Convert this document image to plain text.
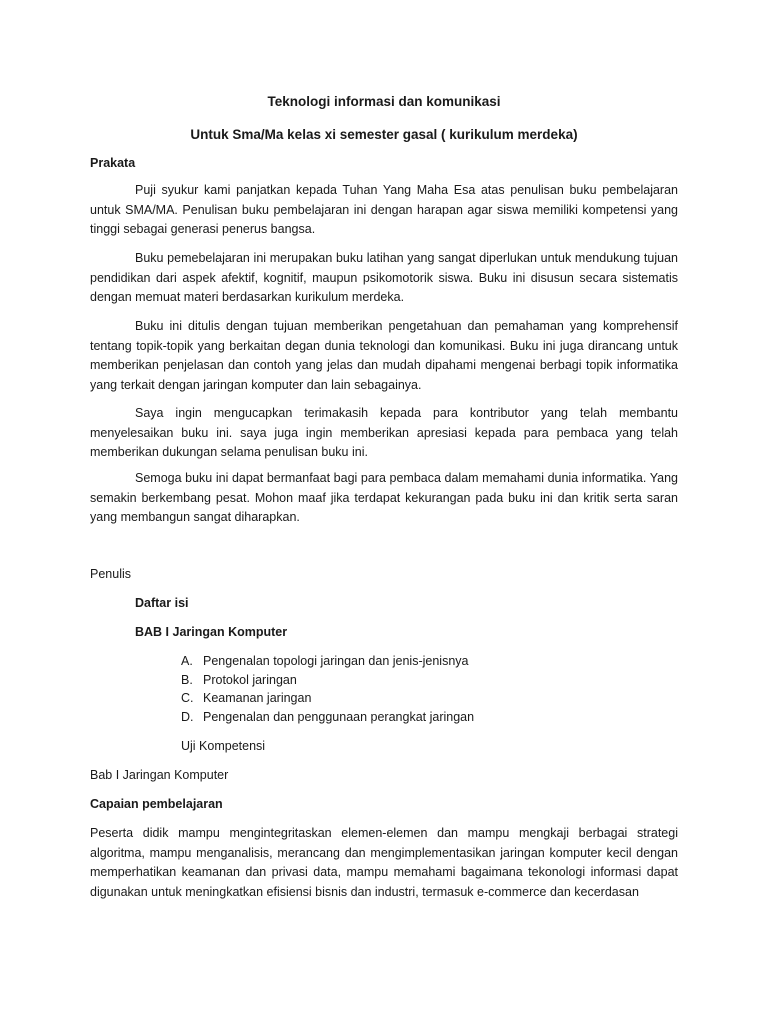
Teknologi informasi dan komunikasi
Untuk Sma/Ma kelas xi semester gasal ( kurikulum merdeka)
Prakata
Puji syukur kami panjatkan kepada Tuhan Yang Maha Esa atas penulisan buku pembelajaran untuk SMA/MA. Penulisan buku pembelajaran ini dengan harapan agar siswa memiliki kompetensi yang tinggi sebagai generasi penerus bangsa.
Buku pemebelajaran ini merupakan buku latihan yang sangat diperlukan untuk mendukung tujuan pendidikan dari aspek afektif, kognitif, maupun psikomotorik siswa. Buku ini disusun secara sistematis dengan memuat materi berdasarkan kurikulum merdeka.
Buku ini ditulis dengan tujuan memberikan pengetahuan dan pemahaman yang komprehensif tentang topik-topik yang berkaitan degan dunia teknologi dan komunikasi. Buku ini juga dirancang untuk memberikan penjelasan dan contoh yang jelas dan mudah dipahami mengenai berbagi topik informatika yang terkait dengan jaringan komputer dan lain sebagainya.
Saya ingin mengucapkan terimakasih kepada para kontributor yang telah membantu menyelesaikan buku ini. saya juga ingin memberikan apresiasi kepada para pembaca yang telah memberikan dukungan selama penulisan buku ini.
Semoga buku ini dapat bermanfaat bagi para pembaca dalam memahami dunia informatika. Yang semakin berkembang pesat. Mohon maaf jika terdapat kekurangan pada buku ini dan kritik serta saran yang membangun sangat diharapkan.
Penulis
Daftar isi
BAB I Jaringan Komputer
A. Pengenalan topologi jaringan dan jenis-jenisnya
B. Protokol jaringan
C. Keamanan jaringan
D. Pengenalan dan penggunaan perangkat jaringan
Uji Kompetensi
Bab I Jaringan Komputer
Capaian pembelajaran
Peserta didik mampu mengintegritaskan elemen-elemen dan mampu mengkaji berbagai strategi algoritma, mampu menganalisis, merancang dan mengimplementasikan jaringan komputer kecil dengan memperhatikan keamanan dan privasi data, mampu memahami bagaimana tekonologi informasi dapat digunakan untuk meningkatkan efisiensi bisnis dan industri, termasuk e-commerce dan kecerdasan
